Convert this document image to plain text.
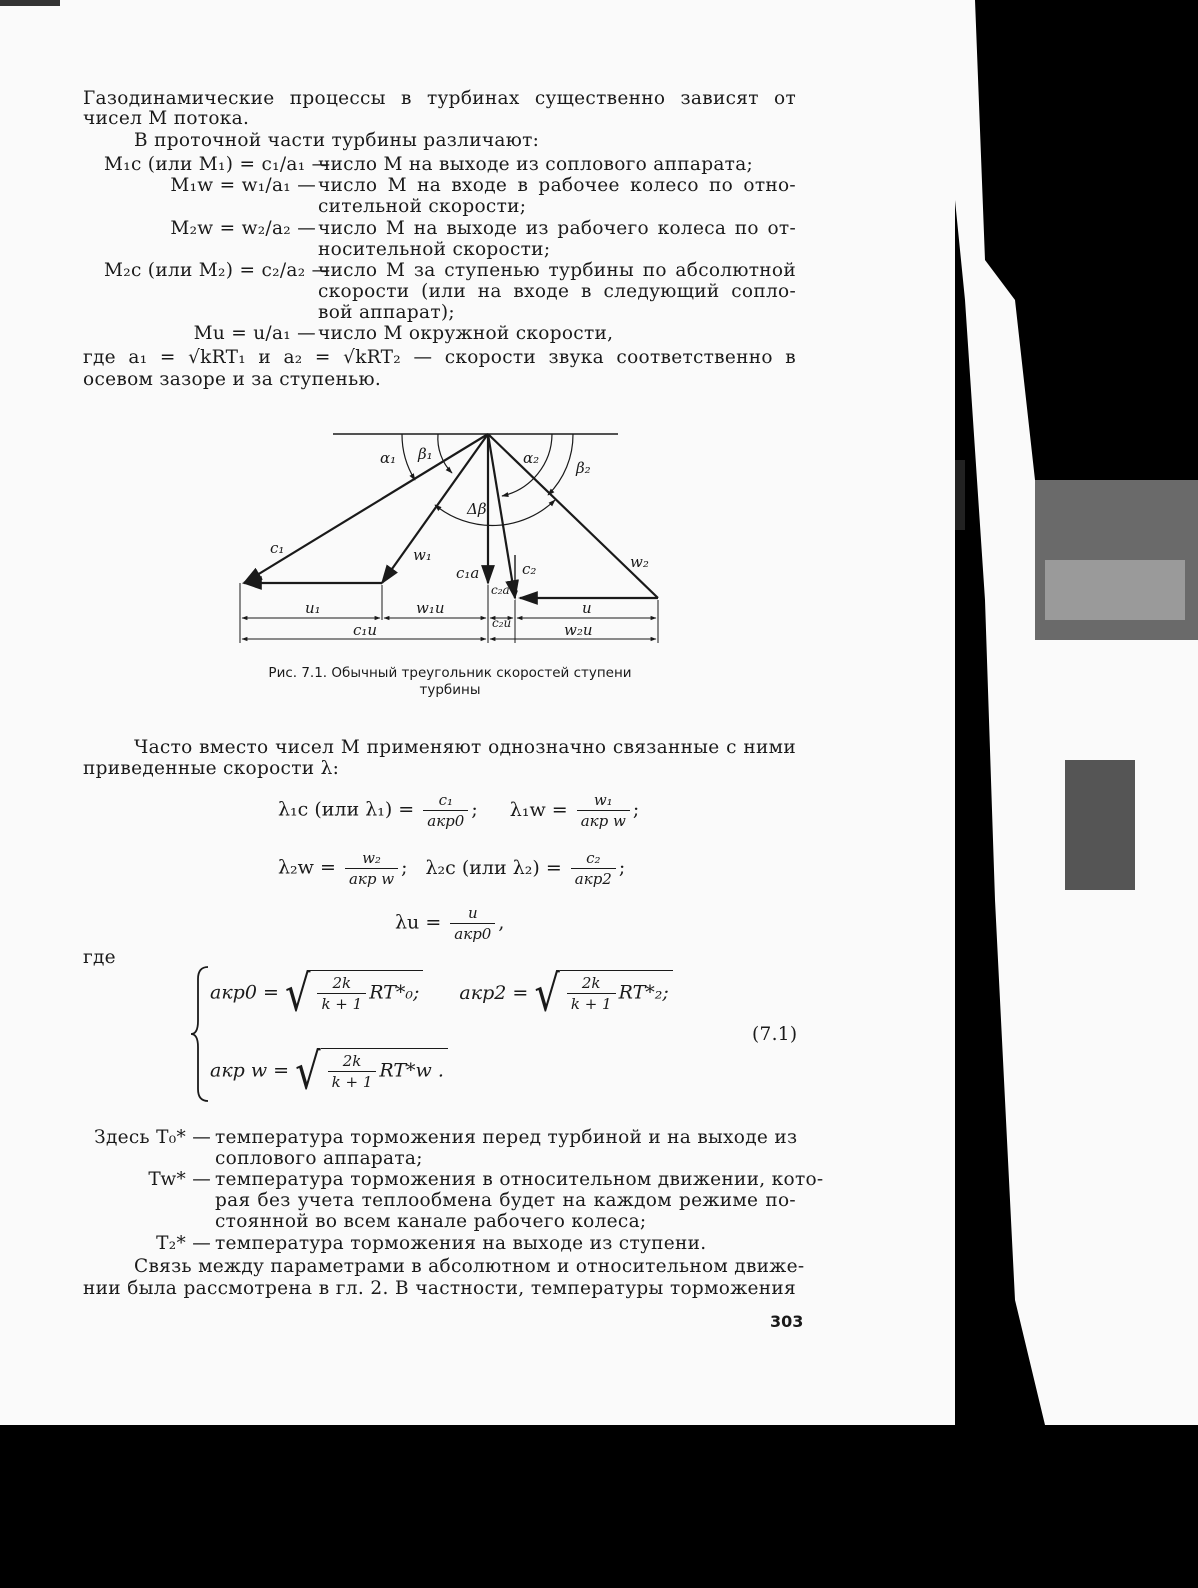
Газодинамические процессы в турбинах существенно зависят от
чисел М потока.
В проточной части турбины различают:
M₁c (или M₁) = c₁/a₁ —
число М на выходе из соплового аппарата;
M₁w = w₁/a₁ — число М на входе в рабочее колесо по отно-
сительной скорости;
M₂w = w₂/a₂ — число М на выходе из рабочего колеса по от-
носительной скорости;
M₂c (или M₂) = c₂/a₂ —
число М за ступенью турбины по абсолютной
скорости (или на входе в следующий сопло-
вой аппарат);
Mu = u/a₁ — число М окружной скорости,
где a₁ = √kRT₁ и a₂ = √kRT₂ — скорости звука соответственно в
осевом зазоре и за ступенью.
α₁ β₁	α₂
β₂
Δβ
c₁	w₁
c₁a	c₂
c₂a
w₂
u₁	w₁u
c₂u
u
c₁u	w₂u
Рис. 7.1. Обычный треугольник скоростей ступени
турбины
Часто вместо чисел М применяют однозначно связанные с ними
приведенные скорости λ:
λ₁c (или $\lambda_1) = \frac{\text{c₁}}{\text{aкр0}}$ ; $\lambda_1w = \frac{\text{w₁}}{\text{aкр w}}$ ;
$\lambda_2w = \frac{\text{w₂}}{\text{aкр w}}$ ; λ₂c (или $\lambda_2) = \frac{\text{c₂}}{\text{aкр2}}$ ;
$\lambda u = \frac{u}{\text{aкр0}}$ ,
где
aкр0 = √ $\frac{2k}{k + 1} RT*_0$; aкр2 = √ $\frac{2k}{k + 1} RT*_2$;
aкр w = √ $\frac{2k}{k + 1} RT*w$ .
(7.1)
Здесь T₀* — температура торможения перед турбиной и на выходе из
соплового аппарата;
Tw* — температура торможения в относительном движении, кото-
рая без учета теплообмена будет на каждом режиме по-
стоянной во всем канале рабочего колеса;
T₂* — температура торможения на выходе из ступени.
Связь между параметрами в абсолютном и относительном движе-
нии была рассмотрена в гл. 2. В частности, температуры торможения
303
